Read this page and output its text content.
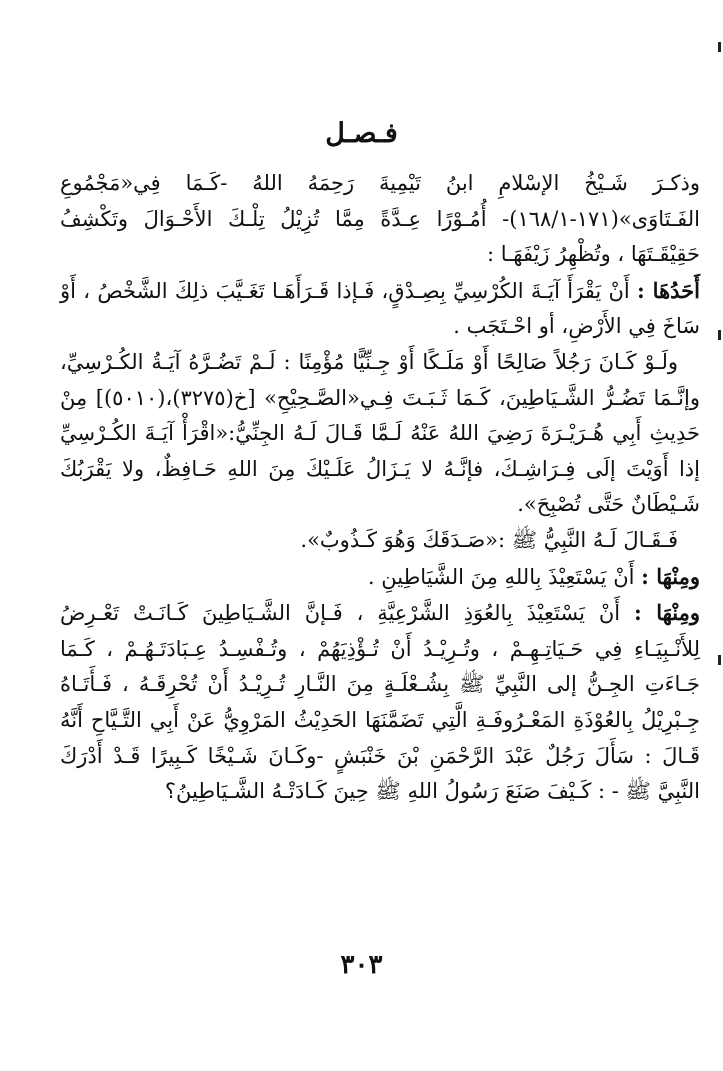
فـصـل

وذكـرَ شَـيْخُ الإسْلامِ ابنُ تَيْمِيةَ رَحِمَهُ اللهُ -كَـمَا فِي«مَجْمُوعِ الفَـتَاوَى»(١٧١-١٦٨/١)- أُمُـوْرًا عِـدَّةً مِمَّا تُزِيْلُ تِلْـكَ الأَحْـوَالَ وتَكْشِفُ حَقِيْقَـتَهَا ، وتُظْهِرُ زَيْفَهَـا :

أَحَدُهَا : أَنْ يَقْرَأَ آيَـةَ الكُرْسِيِّ بِصِـدْقٍ، فَـإذا قَـرَأَهَـا تَغَـيَّبَ ذلِكَ الشَّخْصُ ، أَوْ سَاخَ فِي الأَرْضِ، أو احْـتَجَب .

ولَـوْ كَـانَ رَجُلاً صَالِحًا أَوْ مَلَـكًا أَوْ جِـنِّيًّا مُؤْمِنًا : لَـمْ تَضُـرَّهُ آيَـةُ الكُـرْسِيِّ، وإنَّـمَا تَضُـرُّ الشَّـيَاطِينَ، كَـمَا ثَـبَـتَ فِـي«الصَّـحِيْحِ» [خ(٣٢٧٥)،(٥٠١٠)] مِنْ حَدِيثِ أَبِي هُـرَيْـرَةَ رَضِيَ اللهُ عَنْهُ لَـمَّا قَـالَ لَـهُ الجِنِّيُّ:«اقْرَأْ آيَـةَ الكُـرْسِيِّ إذا أَوَيْتَ إلَى فِـرَاشِـكَ، فإنَّـهُ لا يَـزَالُ عَلَـيْكَ مِنَ اللهِ حَـافِظٌ، ولا يَقْرَبُكَ شَـيْطَانٌ حَتَّى تُصْبِحَ».

فَـقَـالَ لَـهُ النَّبِيُّ ﷺ :«صَـدَقَكَ وَهُوَ كَـذُوبٌ».

ومِنْهَا : أَنْ يَسْتَعِيْذَ بِاللهِ مِنَ الشَّيَاطِينِ .

ومِنْهَا : أَنْ يَسْتَعِيْذَ بِالعُوَذِ الشَّرْعِيَّةِ ، فَـإنَّ الشَّـيَاطِينَ كَـانَـتْ تَعْـرِضُ لِلأَنْـبِيَـاءِ فِي حَـيَاتِـهِـمْ ، وتُـرِيْـدُ أَنْ تُـؤْذِيَهُمْ ، وتُـفْسِـدُ عِـبَادَتَـهُـمْ ، كَـمَا جَـاءَتِ الجِـنُّ إلى النَّبِيِّ ﷺ بِشُـعْلَـةٍ مِنَ النَّـارِ تُـرِيْـدُ أَنْ تُحْرِقَـهُ ، فَـأَتَـاهُ جِـبْرِيْلُ بِالعُوْذَةِ المَعْـرُوفَـةِ الَّتِي تَضَمَّنَهَا الحَدِيْثُ المَرْوِيُّ عَنْ أَبِي التَّـيَّاحِ أَنَّهُ قَـالَ : سَأَلَ رَجُلٌ عَبْدَ الرَّحْمَنِ بْنَ خَنْبَشٍ -وكَـانَ شَـيْخًا كَـبِيرًا قَـدْ أَدْرَكَ النَّبِيَّ ﷺ - : كَـيْفَ صَنَعَ رَسُولُ اللهِ ﷺ حِينَ كَـادَتْـهُ الشَّـيَاطِينُ؟

٣٠٣
